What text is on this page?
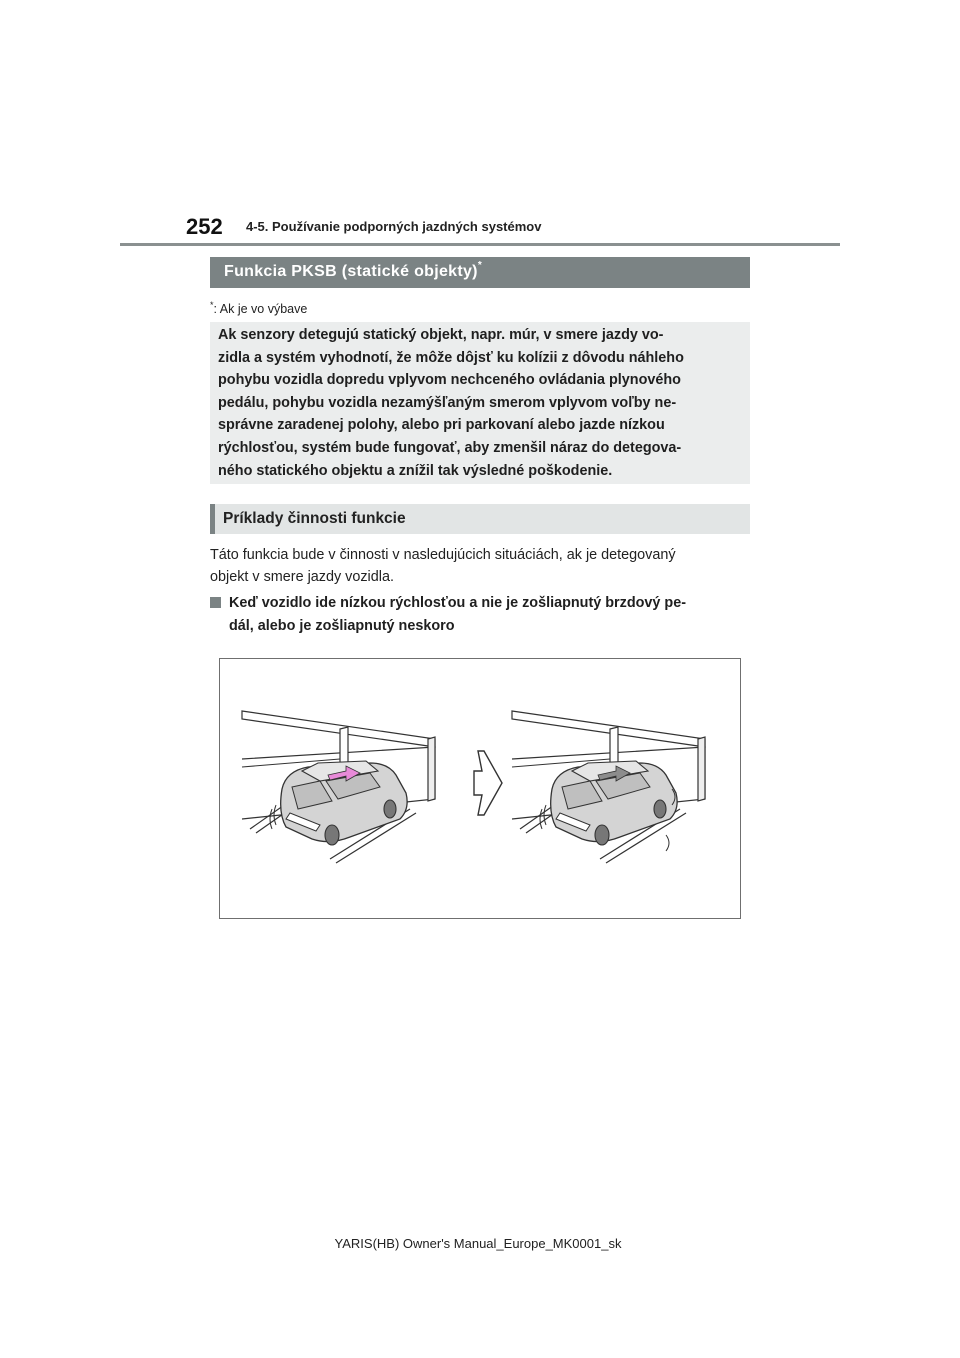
252 4-5. Používanie podporných jazdných systémov
Funkcia PKSB (statické objekty)*
*: Ak je vo výbave
Ak senzory detegujú statický objekt, napr. múr, v smere jazdy vo-
zidla a systém vyhodnotí, že môže dôjsť ku kolízii z dôvodu náhleho
pohybu vozidla dopredu vplyvom nechceného ovládania plynového
pedálu, pohybu vozidla nezamýšľaným smerom vplyvom voľby ne-
správne zaradenej polohy, alebo pri parkovaní alebo jazde nízkou
rýchlosťou, systém bude fungovať, aby zmenšil náraz do detegova-
ného statického objektu a znížil tak výsledné poškodenie.
Príklady činnosti funkcie
Táto funkcia bude v činnosti v nasledujúcich situáciách, ak je detegovaný
objekt v smere jazdy vozidla.
Keď vozidlo ide nízkou rýchlosťou a nie je zošliapnutý brzdový pe-
dál, alebo je zošliapnutý neskoro
YARIS(HB) Owner's Manual_Europe_MK0001_sk
